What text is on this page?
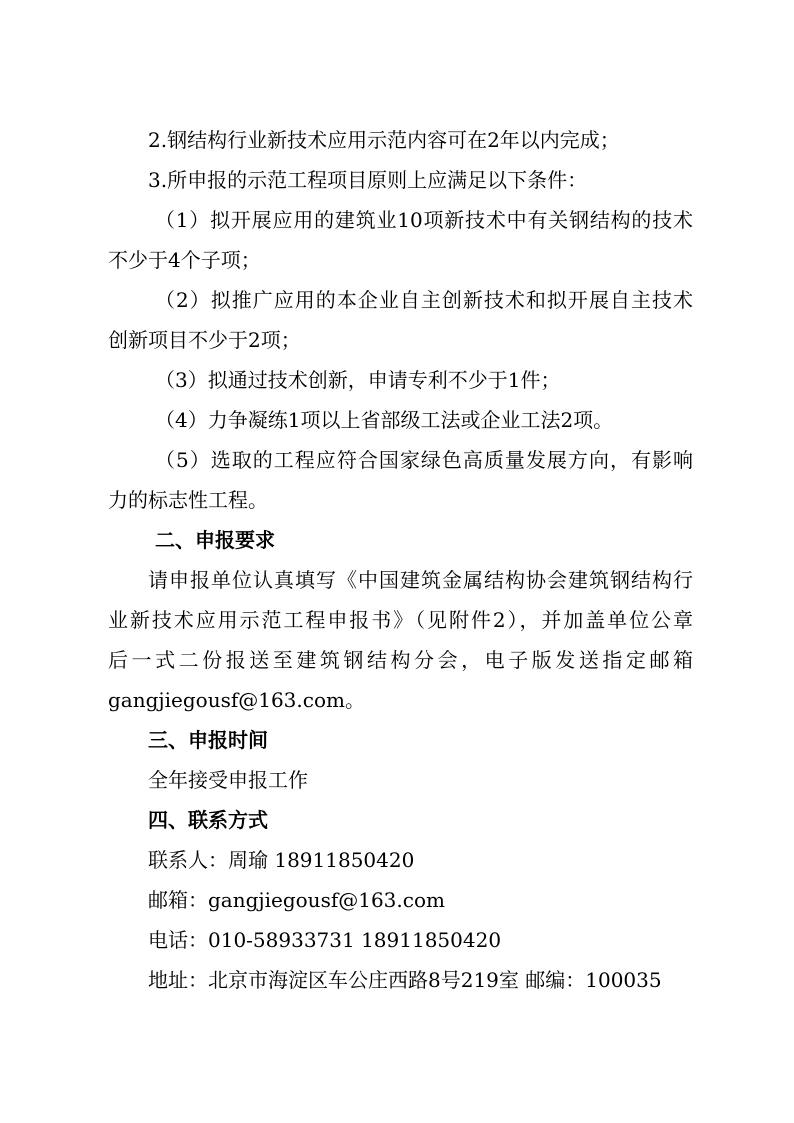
2.钢结构行业新技术应用示范内容可在2年以内完成；
3.所申报的示范工程项目原则上应满足以下条件：
（1）拟开展应用的建筑业10项新技术中有关钢结构的技术
不少于4个子项；
（2）拟推广应用的本企业自主创新技术和拟开展自主技术
创新项目不少于2项；
（3）拟通过技术创新，申请专利不少于1件；
（4）力争凝练1项以上省部级工法或企业工法2项。
（5）选取的工程应符合国家绿色高质量发展方向，有影响
力的标志性工程。
二、申报要求
请申报单位认真填写《中国建筑金属结构协会建筑钢结构行
业新技术应用示范工程申报书》（见附件2），并加盖单位公章
后一式二份报送至建筑钢结构分会，电子版发送指定邮箱
gangjiegousf@163.com。
三、申报时间
全年接受申报工作
四、联系方式
联系人：周瑜 18911850420
邮箱：gangjiegousf@163.com
电话：010-58933731 18911850420
地址：北京市海淀区车公庄西路8号219室 邮编：100035
